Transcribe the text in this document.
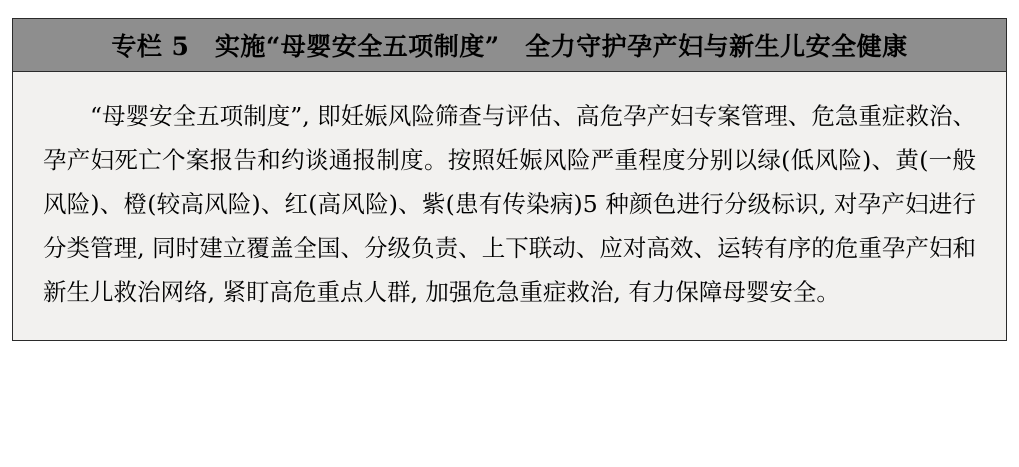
专栏 5　实施“母婴安全五项制度”　全力守护孕产妇与新生儿安全健康

“母婴安全五项制度”, 即妊娠风险筛查与评估、高危孕产妇专案管理、危急重症救治、孕产妇死亡个案报告和约谈通报制度。按照妊娠风险严重程度分别以绿(低风险)、黄(一般风险)、橙(较高风险)、红(高风险)、紫(患有传染病)5 种颜色进行分级标识, 对孕产妇进行分类管理, 同时建立覆盖全国、分级负责、上下联动、应对高效、运转有序的危重孕产妇和新生儿救治网络, 紧盯高危重点人群, 加强危急重症救治, 有力保障母婴安全。
